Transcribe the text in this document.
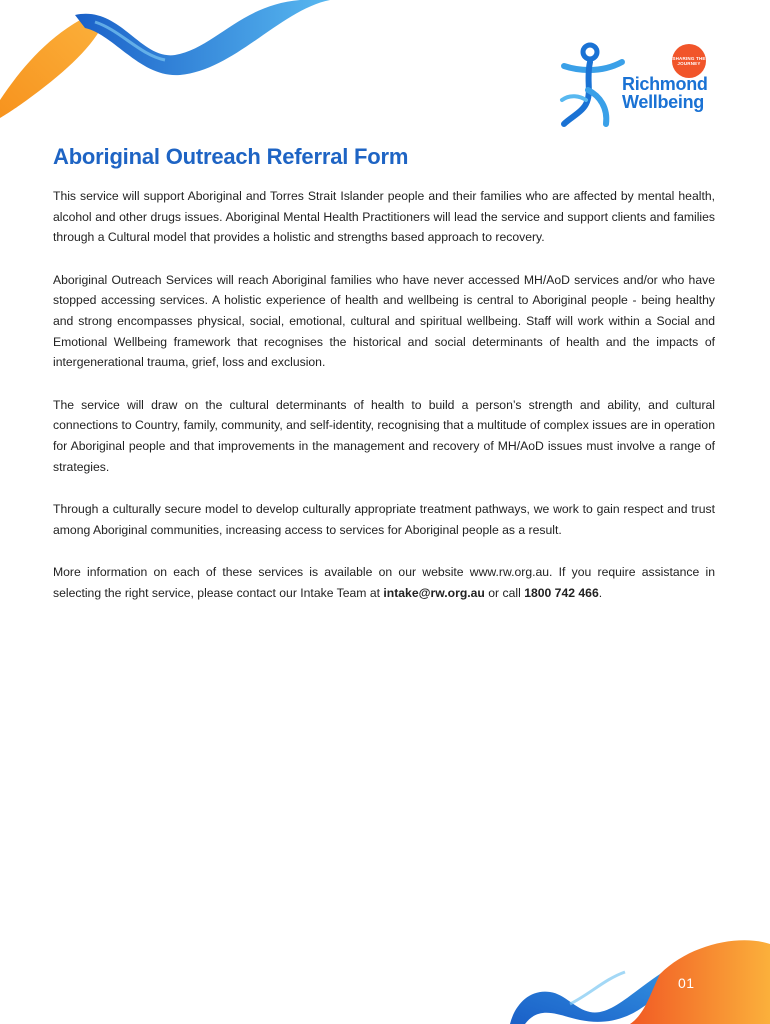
SHARING THE JOURNEY
Richmond
Wellbeing
Aboriginal Outreach Referral Form

This service will support Aboriginal and Torres Strait Islander people and their families who are affected by mental health, alcohol and other drugs issues. Aboriginal Mental Health Practitioners will lead the service and support clients and families through a Cultural model that provides a holistic and strengths based approach to recovery.

Aboriginal Outreach Services will reach Aboriginal families who have never accessed MH/AoD services and/or who have stopped accessing services. A holistic experience of health and wellbeing is central to Aboriginal people - being healthy and strong encompasses physical, social, emotional, cultural and spiritual wellbeing. Staff will work within a Social and Emotional Wellbeing framework that recognises the historical and social determinants of health and the impacts of intergenerational trauma, grief, loss and exclusion.

The service will draw on the cultural determinants of health to build a person’s strength and ability, and cultural connections to Country, family, community, and self-identity, recognising that a multitude of complex issues are in operation for Aboriginal people and that improvements in the management and recovery of MH/AoD issues must involve a range of strategies.

Through a culturally secure model to develop culturally appropriate treatment pathways, we work to gain respect and trust among Aboriginal communities, increasing access to services for Aboriginal people as a result.

More information on each of these services is available on our website www.rw.org.au. If you require assistance in selecting the right service, please contact our Intake Team at intake@rw.org.au or call 1800 742 466.

01
